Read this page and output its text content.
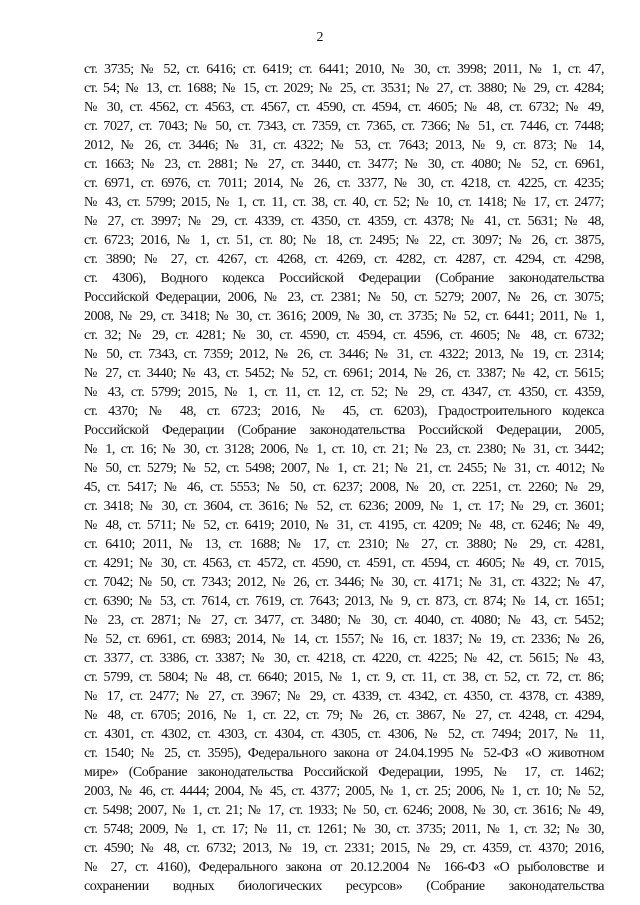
2
ст. 3735; № 52, ст. 6416; ст. 6419; ст. 6441; 2010, № 30, ст. 3998; 2011, № 1, ст. 47,
ст. 54; № 13, ст. 1688; № 15, ст. 2029; № 25, ст. 3531; № 27, ст. 3880; № 29, ст. 4284;
№ 30, ст. 4562, ст. 4563, ст. 4567, ст. 4590, ст. 4594, ст. 4605; № 48, ст. 6732; № 49,
ст. 7027, ст. 7043; № 50, ст. 7343, ст. 7359, ст. 7365, ст. 7366; № 51, ст. 7446, ст. 7448;
2012, № 26, ст. 3446; № 31, ст. 4322; № 53, ст. 7643; 2013, № 9, ст. 873; № 14,
ст. 1663; № 23, ст. 2881; № 27, ст. 3440, ст. 3477; № 30, ст. 4080; № 52, ст. 6961,
ст. 6971, ст. 6976, ст. 7011; 2014, № 26, ст. 3377, № 30, ст. 4218, ст. 4225, ст. 4235;
№ 43, ст. 5799; 2015, № 1, ст. 11, ст. 38, ст. 40, ст. 52; № 10, ст. 1418; № 17, ст. 2477;
№ 27, ст. 3997; № 29, ст. 4339, ст. 4350, ст. 4359, ст. 4378; № 41, ст. 5631; № 48,
ст. 6723; 2016, № 1, ст. 51, ст. 80; № 18, ст. 2495; № 22, ст. 3097; № 26, ст. 3875,
ст. 3890; № 27, ст. 4267, ст. 4268, ст. 4269, ст. 4282, ст. 4287, ст. 4294, ст. 4298,
ст. 4306), Водного кодекса Российской Федерации (Собрание законодательства
Российской Федерации, 2006, № 23, ст. 2381; № 50, ст. 5279; 2007, № 26, ст. 3075;
2008, № 29, ст. 3418; № 30, ст. 3616; 2009, № 30, ст. 3735; № 52, ст. 6441; 2011, № 1,
ст. 32; № 29, ст. 4281; № 30, ст. 4590, ст. 4594, ст. 4596, ст. 4605; № 48, ст. 6732;
№ 50, ст. 7343, ст. 7359; 2012, № 26, ст. 3446; № 31, ст. 4322; 2013, № 19, ст. 2314;
№ 27, ст. 3440; № 43, ст. 5452; № 52, ст. 6961; 2014, № 26, ст. 3387; № 42, ст. 5615;
№ 43, ст. 5799; 2015, № 1, ст. 11, ст. 12, ст. 52; № 29, ст. 4347, ст. 4350, ст. 4359,
ст. 4370; № 48, ст. 6723; 2016, № 45, ст. 6203), Градостроительного кодекса
Российской Федерации (Собрание законодательства Российской Федерации, 2005,
№ 1, ст. 16; № 30, ст. 3128; 2006, № 1, ст. 10, ст. 21; № 23, ст. 2380; № 31, ст. 3442;
№ 50, ст. 5279; № 52, ст. 5498; 2007, № 1, ст. 21; № 21, ст. 2455; № 31, ст. 4012; №
45, ст. 5417; № 46, ст. 5553; № 50, ст. 6237; 2008, № 20, ст. 2251, ст. 2260; № 29,
ст. 3418; № 30, ст. 3604, ст. 3616; № 52, ст. 6236; 2009, № 1, ст. 17; № 29, ст. 3601;
№ 48, ст. 5711; № 52, ст. 6419; 2010, № 31, ст. 4195, ст. 4209; № 48, ст. 6246; № 49,
ст. 6410; 2011, № 13, ст. 1688; № 17, ст. 2310; № 27, ст. 3880; № 29, ст. 4281,
ст. 4291; № 30, ст. 4563, ст. 4572, ст. 4590, ст. 4591, ст. 4594, ст. 4605; № 49, ст. 7015,
ст. 7042; № 50, ст. 7343; 2012, № 26, ст. 3446; № 30, ст. 4171; № 31, ст. 4322; № 47,
ст. 6390; № 53, ст. 7614, ст. 7619, ст. 7643; 2013, № 9, ст. 873, ст. 874; № 14, ст. 1651;
№ 23, ст. 2871; № 27, ст. 3477, ст. 3480; № 30, ст. 4040, ст. 4080; № 43, ст. 5452;
№ 52, ст. 6961, ст. 6983; 2014, № 14, ст. 1557; № 16, ст. 1837; № 19, ст. 2336; № 26,
ст. 3377, ст. 3386, ст. 3387; № 30, ст. 4218, ст. 4220, ст. 4225; № 42, ст. 5615; № 43,
ст. 5799, ст. 5804; № 48, ст. 6640; 2015, № 1, ст. 9, ст. 11, ст. 38, ст. 52, ст. 72, ст. 86;
№ 17, ст. 2477; № 27, ст. 3967; № 29, ст. 4339, ст. 4342, ст. 4350, ст. 4378, ст. 4389,
№ 48, ст. 6705; 2016, № 1, ст. 22, ст. 79; № 26, ст. 3867, № 27, ст. 4248, ст. 4294,
ст. 4301, ст. 4302, ст. 4303, ст. 4304, ст. 4305, ст. 4306, № 52, ст. 7494; 2017, № 11,
ст. 1540; № 25, ст. 3595), Федерального закона от 24.04.1995 № 52-ФЗ «О животном
мире» (Собрание законодательства Российской Федерации, 1995, № 17, ст. 1462;
2003, № 46, ст. 4444; 2004, № 45, ст. 4377; 2005, № 1, ст. 25; 2006, № 1, ст. 10; № 52,
ст. 5498; 2007, № 1, ст. 21; № 17, ст. 1933; № 50, ст. 6246; 2008, № 30, ст. 3616; № 49,
ст. 5748; 2009, № 1, ст. 17; № 11, ст. 1261; № 30, ст. 3735; 2011, № 1, ст. 32; № 30,
ст. 4590; № 48, ст. 6732; 2013, № 19, ст. 2331; 2015, № 29, ст. 4359, ст. 4370; 2016,
№ 27, ст. 4160), Федерального закона от 20.12.2004 № 166-ФЗ «О рыболовстве и
сохранении водных биологических ресурсов» (Собрание законодательства
